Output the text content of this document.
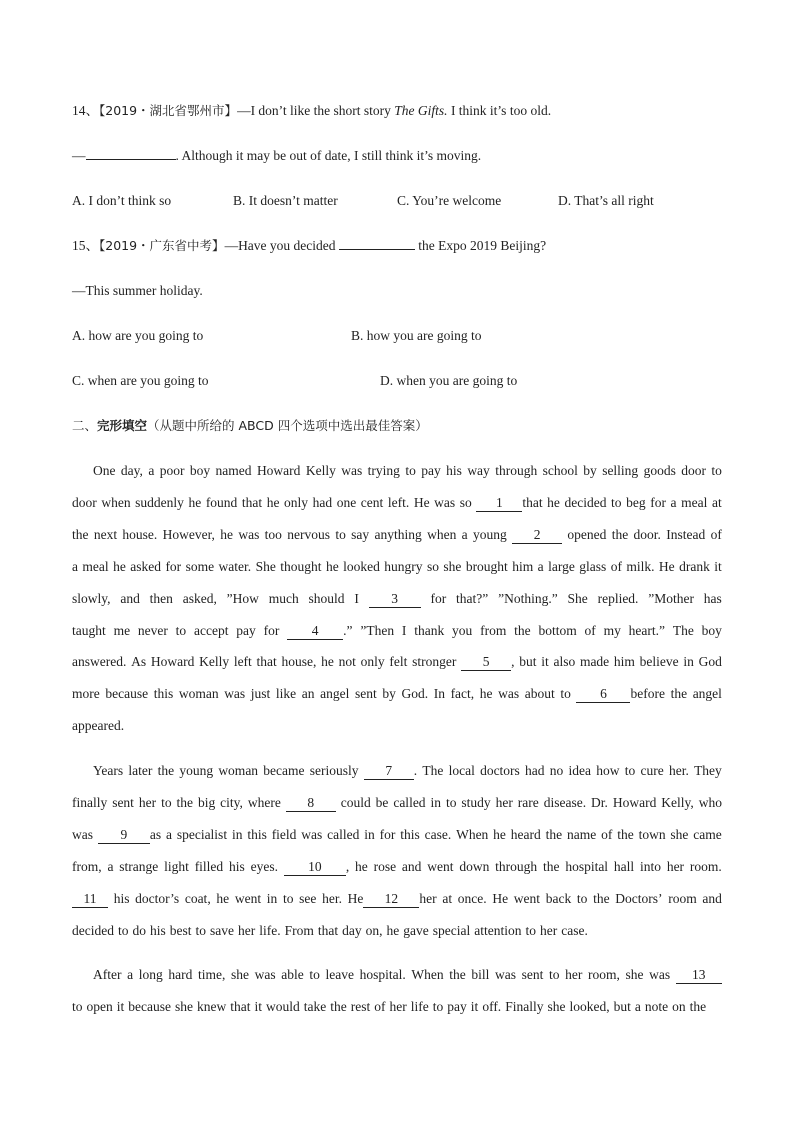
14、【2019・湖北省鄂州市】—I don’t like the short story The Gifts. I think it’s too old.
—	. Although it may be out of date, I still think it’s moving.
A. I don’t think so	B. It doesn’t matter	C. You’re welcome	D. That’s all right
15、【2019・广东省中考】—Have you decided	the Expo 2019 Beijing?
—This summer holiday.
A. how are you going to	B. how you are going to
C. when are you going to	D. when you are going to
二、完形填空（从题中所给的 ABCD 四个选项中选出最佳答案）
One day, a poor boy named Howard Kelly was trying to pay his way through school by selling goods door to
door when suddenly he found that he only had one cent left. He was so	1 that he decided to beg for a meal at
the next house. However, he was too nervous to say anything when a young	2	opened the door. Instead of
a meal he asked for some water. She thought he looked hungry so she brought him a large glass of milk. He drank it
slowly, and then asked, ”How much should I	3	for that?” ”Nothing.” She replied. ”Mother has
taught me never to accept pay for	4 .” ”Then I thank you from the bottom of my heart.” The boy
answered. As Howard Kelly left that house, he not only felt stronger	5 , but it also made him believe in God
more because this woman was just like an angel sent by God. In fact, he was about to	6 before the angel
appeared.
Years later the young woman became seriously	7 . The local doctors had no idea how to cure her. They
finally sent her to the big city, where	8	could be called in to study her rare disease. Dr. Howard Kelly, who
was	9 as a specialist in this field was called in for this case. When he heard the name of the town she came
from, a strange light filled his eyes.	10 , he rose and went down through the hospital hall into her room.
11	his doctor’s coat, he went in to see her. He 12 her at once. He went back to the Doctors’ room and
decided to do his best to save her life. From that day on, he gave special attention to her case.
After a long hard time, she was able to leave hospital. When the bill was sent to her room, she was	13
to open it because she knew that it would take the rest of her life to pay it off. Finally she looked, but a note on the
